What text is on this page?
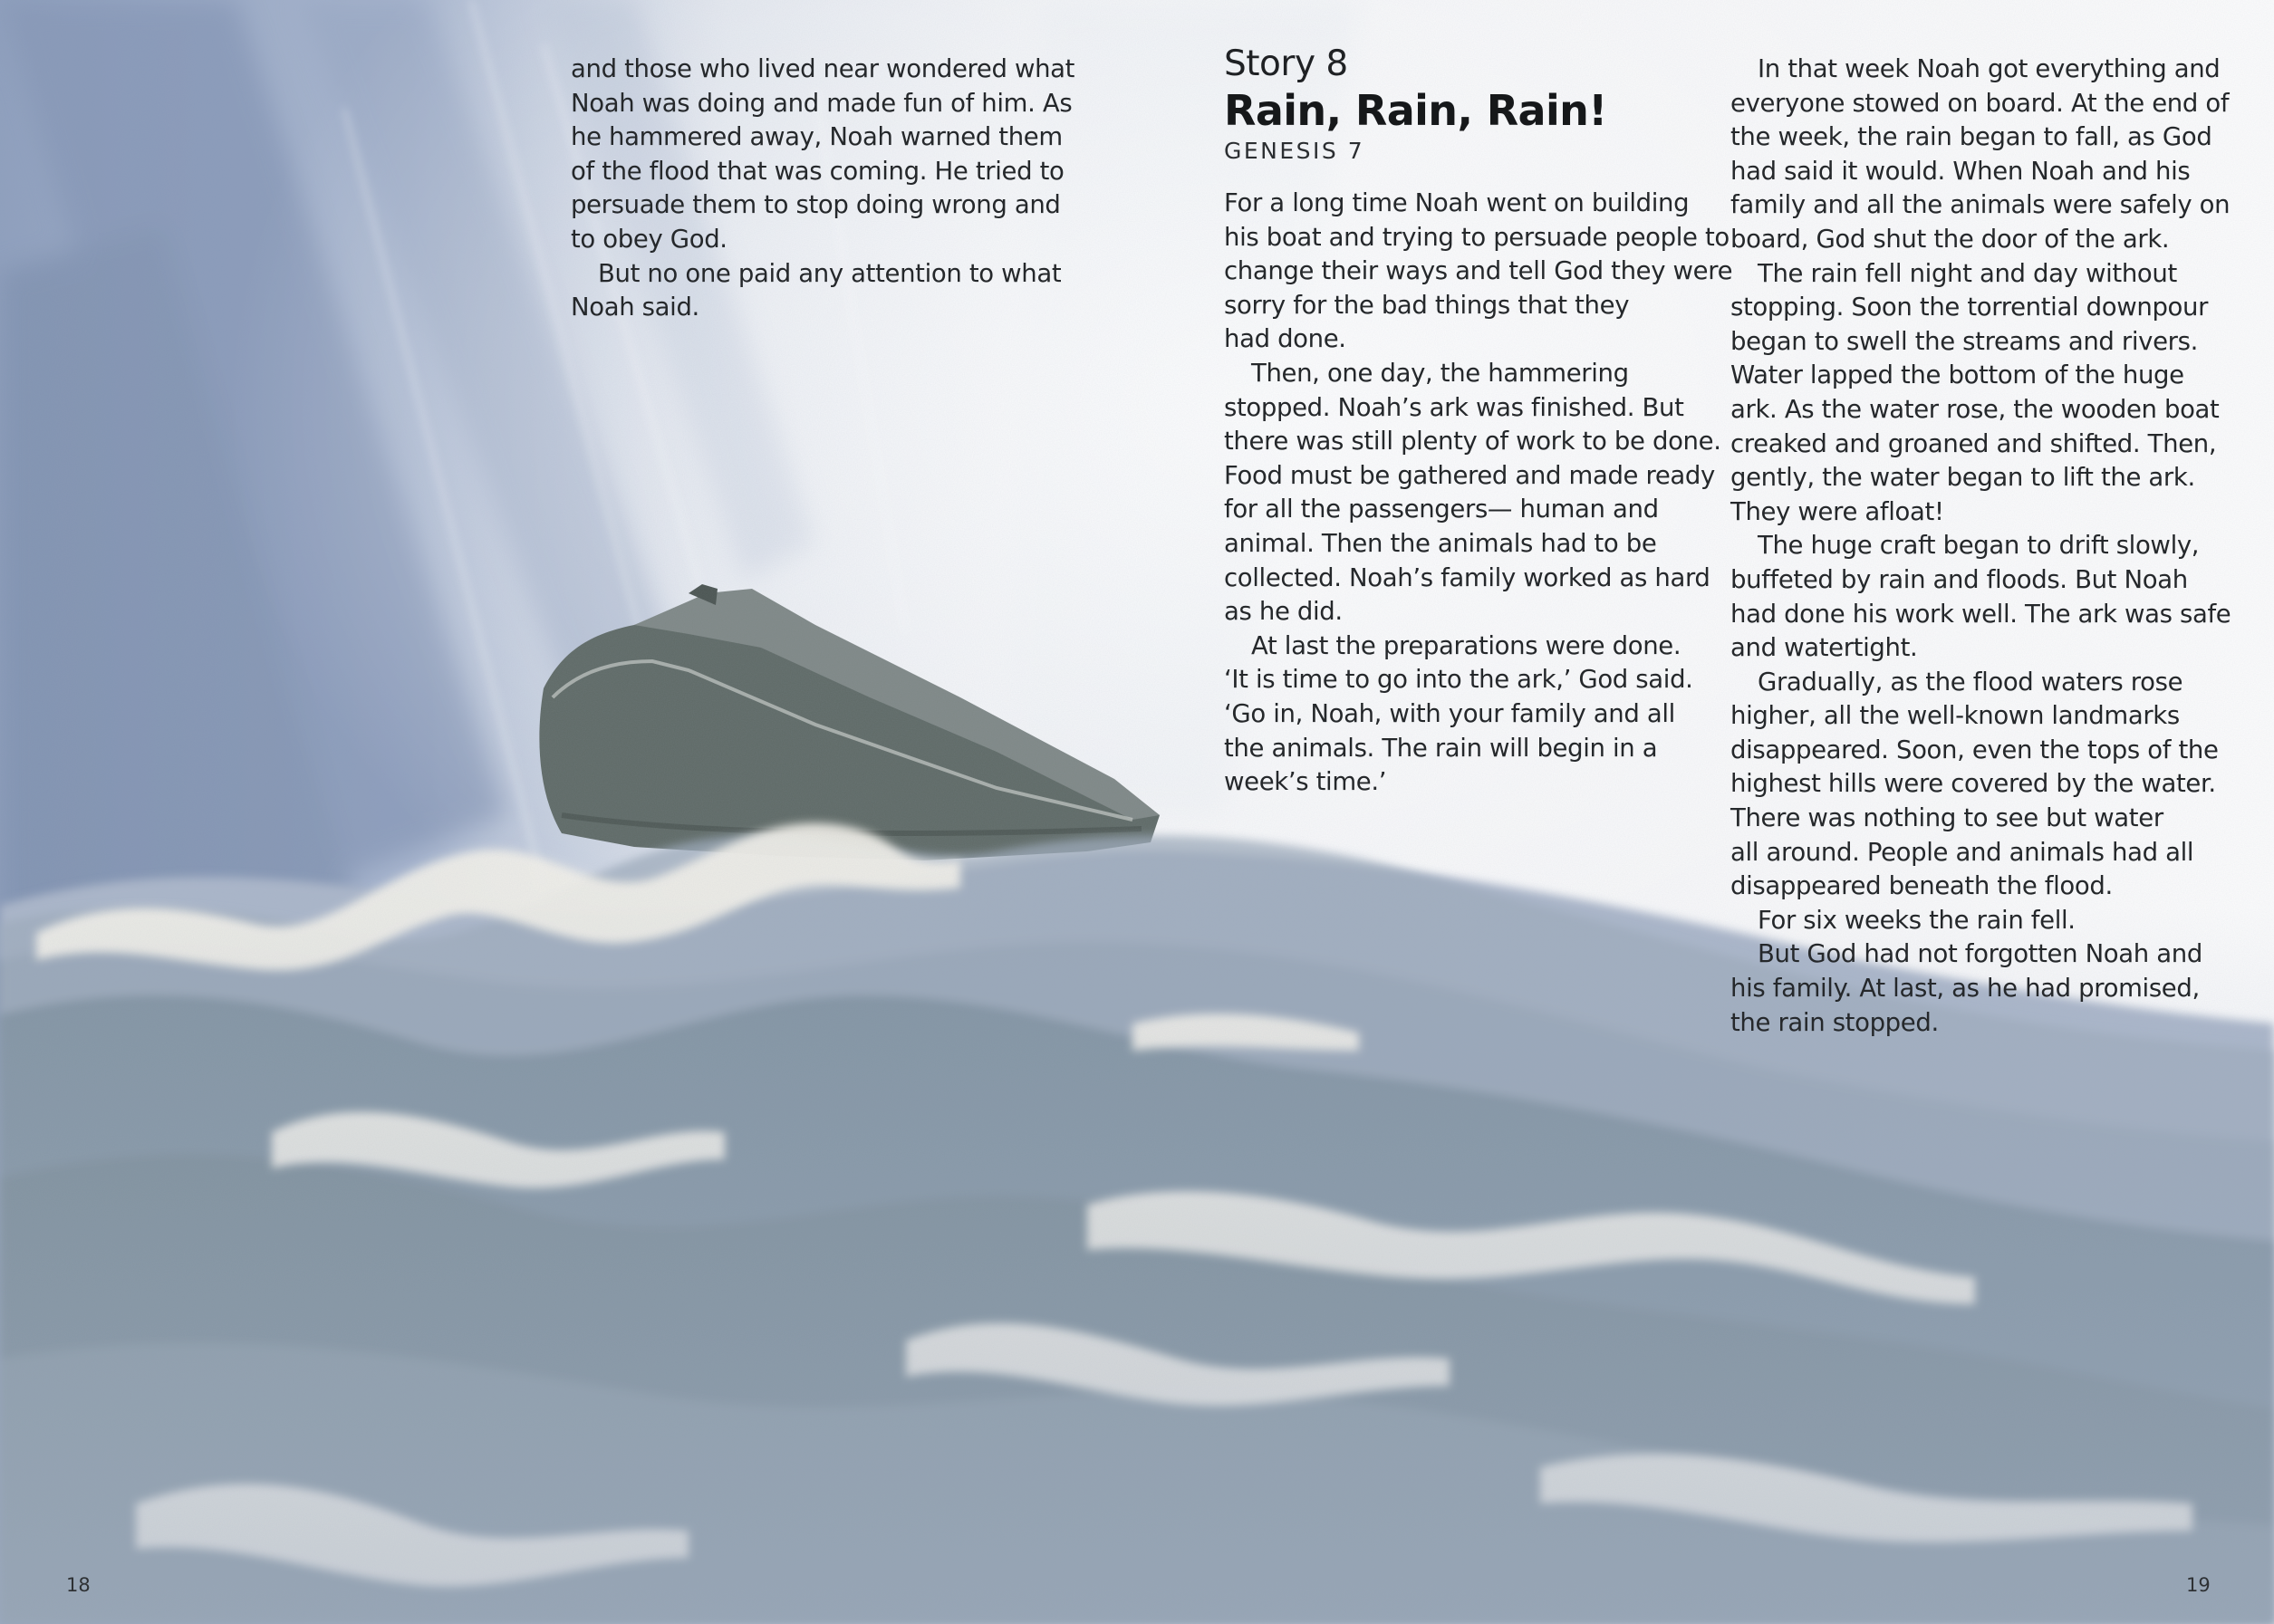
and those who lived near wondered what
Noah was doing and made fun of him. As
he hammered away, Noah warned them
of the flood that was coming. He tried to
persuade them to stop doing wrong and
to obey God.
But no one paid any attention to what
Noah said.
Story 8
Rain, Rain, Rain!
GENESIS 7
For a long time Noah went on building
his boat and trying to persuade people to
change their ways and tell God they were
sorry for the bad things that they
had done.
Then, one day, the hammering
stopped. Noah’s ark was finished. But
there was still plenty of work to be done.
Food must be gathered and made ready
for all the passengers— human and
animal. Then the animals had to be
collected. Noah’s family worked as hard
as he did.
At last the preparations were done.
‘It is time to go into the ark,’ God said.
‘Go in, Noah, with your family and all
the animals. The rain will begin in a
week’s time.’
In that week Noah got everything and
everyone stowed on board. At the end of
the week, the rain began to fall, as God
had said it would. When Noah and his
family and all the animals were safely on
board, God shut the door of the ark.
The rain fell night and day without
stopping. Soon the torrential downpour
began to swell the streams and rivers.
Water lapped the bottom of the huge
ark. As the water rose, the wooden boat
creaked and groaned and shifted. Then,
gently, the water began to lift the ark.
They were afloat!
The huge craft began to drift slowly,
buffeted by rain and floods. But Noah
had done his work well. The ark was safe
and watertight.
Gradually, as the flood waters rose
higher, all the well-known landmarks
disappeared. Soon, even the tops of the
highest hills were covered by the water.
There was nothing to see but water
all around. People and animals had all
disappeared beneath the flood.
For six weeks the rain fell.
But God had not forgotten Noah and
his family. At last, as he had promised,
the rain stopped.
18	19
